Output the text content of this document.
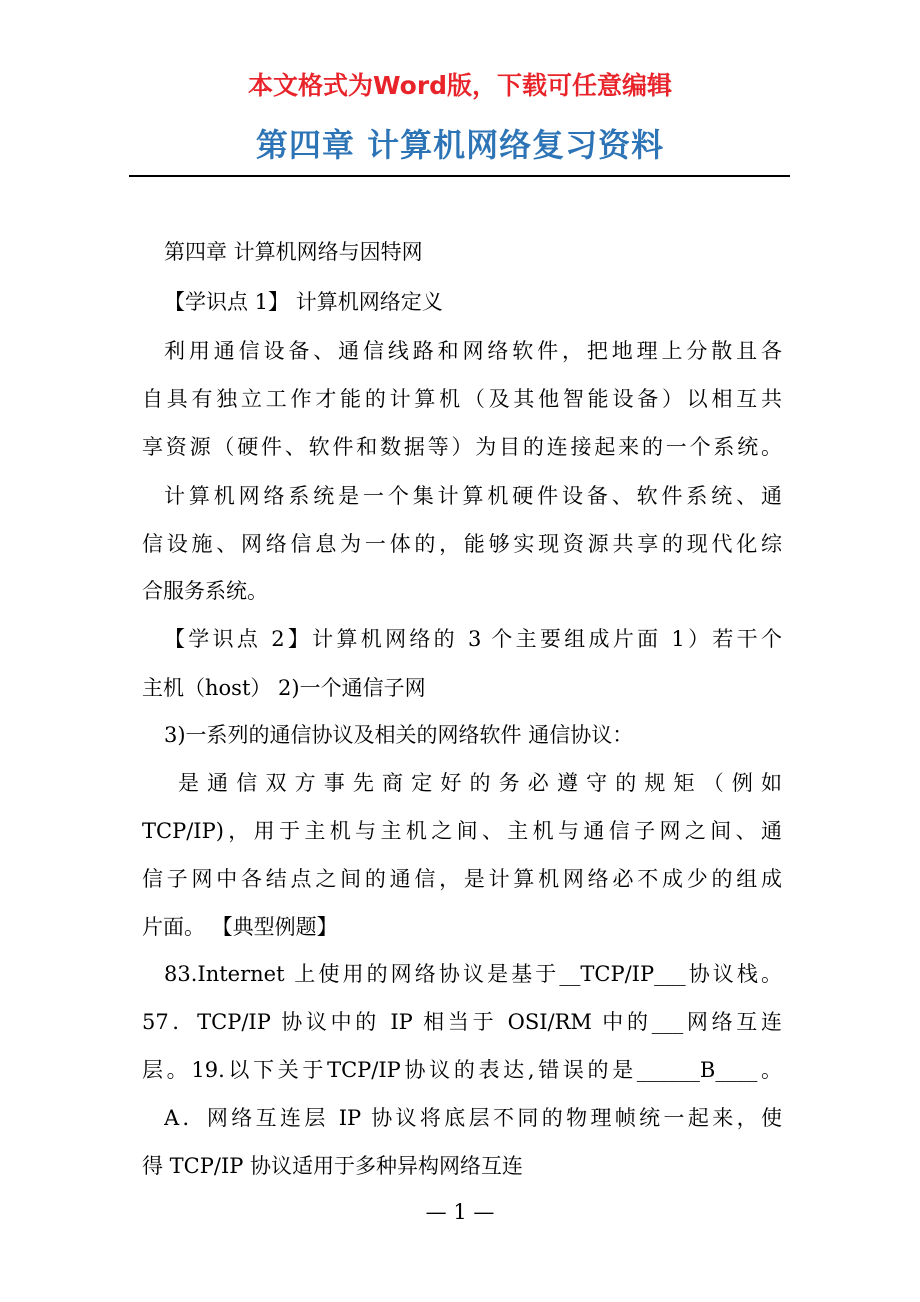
本文格式为Word版，下载可任意编辑
第四章 计算机网络复习资料
第四章 计算机网络与因特网
【学识点 1】 计算机网络定义
利用通信设备、通信线路和网络软件，把地理上分散且各
自具有独立工作才能的计算机（及其他智能设备）以相互共
享资源（硬件、软件和数据等）为目的连接起来的一个系统。
计算机网络系统是一个集计算机硬件设备、软件系统、通
信设施、网络信息为一体的，能够实现资源共享的现代化综
合服务系统。
【学识点 2】计算机网络的 3 个主要组成片面 1）若干个
主机（host） 2)一个通信子网
3)一系列的通信协议及相关的网络软件 通信协议：
是通信双方事先商定好的务必遵守的规矩（例如
TCP/IP)，用于主机与主机之间、主机与通信子网之间、通
信子网中各结点之间的通信，是计算机网络必不成少的组成
片面。 【典型例题】
83.Internet 上使用的网络协议是基于__TCP/IP___协议栈。
57．TCP/IP 协议中的 IP 相当于 OSI/RM 中的___网络互连
层。19.以下关于TCP/IP协议的表达,错误的是______B____。
A．网络互连层 IP 协议将底层不同的物理帧统一起来，使
得 TCP/IP 协议适用于多种异构网络互连
— 1 —
